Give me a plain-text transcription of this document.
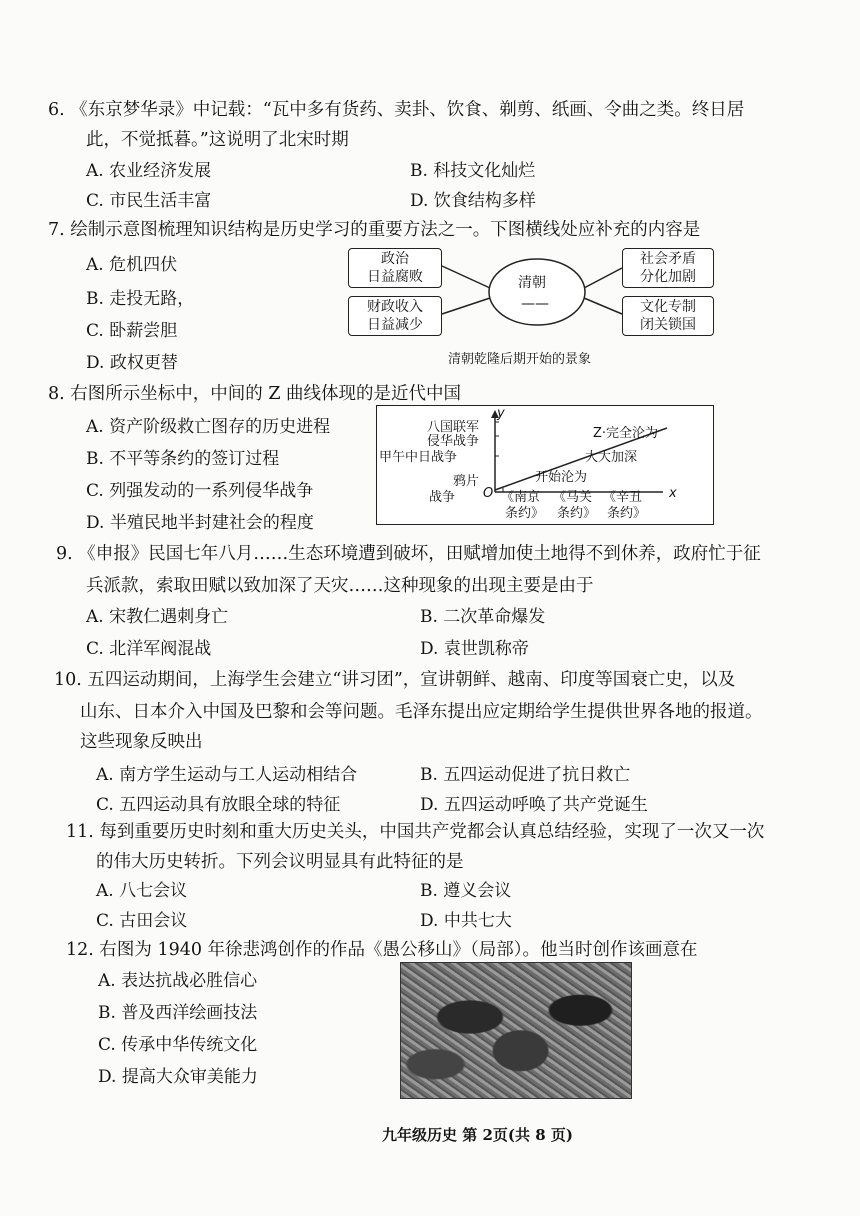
6. 《东京梦华录》中记载：“瓦中多有货药、卖卦、饮食、剃剪、纸画、令曲之类。终日居
此，不觉抵暮。”这说明了北宋时期
A. 农业经济发展	B. 科技文化灿烂
C. 市民生活丰富	D. 饮食结构多样
7. 绘制示意图梳理知识结构是历史学习的重要方法之一。下图横线处应补充的内容是
A. 危机四伏
B. 走投无路，
C. 卧薪尝胆
D. 政权更替
政治
日益腐败
财政收入
日益减少
社会矛盾
分化加剧
文化专制
闭关锁国
清朝
——
清朝乾隆后期开始的景象
8. 右图所示坐标中，中间的 Z 曲线体现的是近代中国
A. 资产阶级救亡图存的历史进程
B. 不平等条约的签订过程
C. 列强发动的一系列侵华战争
D. 半殖民地半封建社会的程度
y
八国联军
侵华战争
甲午中日战争
鸦片
战争 O 《南京
条约》
《马关
条约》
《辛丑
条约》
x
Z·完全沦为
大大加深
开始沦为
9. 《申报》民国七年八月……生态环境遭到破坏，田赋增加使土地得不到休养，政府忙于征
兵派款，索取田赋以致加深了天灾……这种现象的出现主要是由于
A. 宋教仁遇刺身亡	B. 二次革命爆发
C. 北洋军阀混战	D. 袁世凯称帝
10. 五四运动期间，上海学生会建立“讲习团”，宣讲朝鲜、越南、印度等国衰亡史，以及
山东、日本介入中国及巴黎和会等问题。毛泽东提出应定期给学生提供世界各地的报道。
这些现象反映出
A. 南方学生运动与工人运动相结合	B. 五四运动促进了抗日救亡
C. 五四运动具有放眼全球的特征	D. 五四运动呼唤了共产党诞生
11. 每到重要历史时刻和重大历史关头，中国共产党都会认真总结经验，实现了一次又一次
的伟大历史转折。下列会议明显具有此特征的是
A. 八七会议	B. 遵义会议
C. 古田会议	D. 中共七大
12. 右图为 1940 年徐悲鸿创作的作品《愚公移山》（局部）。他当时创作该画意在
A. 表达抗战必胜信心
B. 普及西洋绘画技法
C. 传承中华传统文化
D. 提高大众审美能力
九年级历史 第 2页(共 8 页)
